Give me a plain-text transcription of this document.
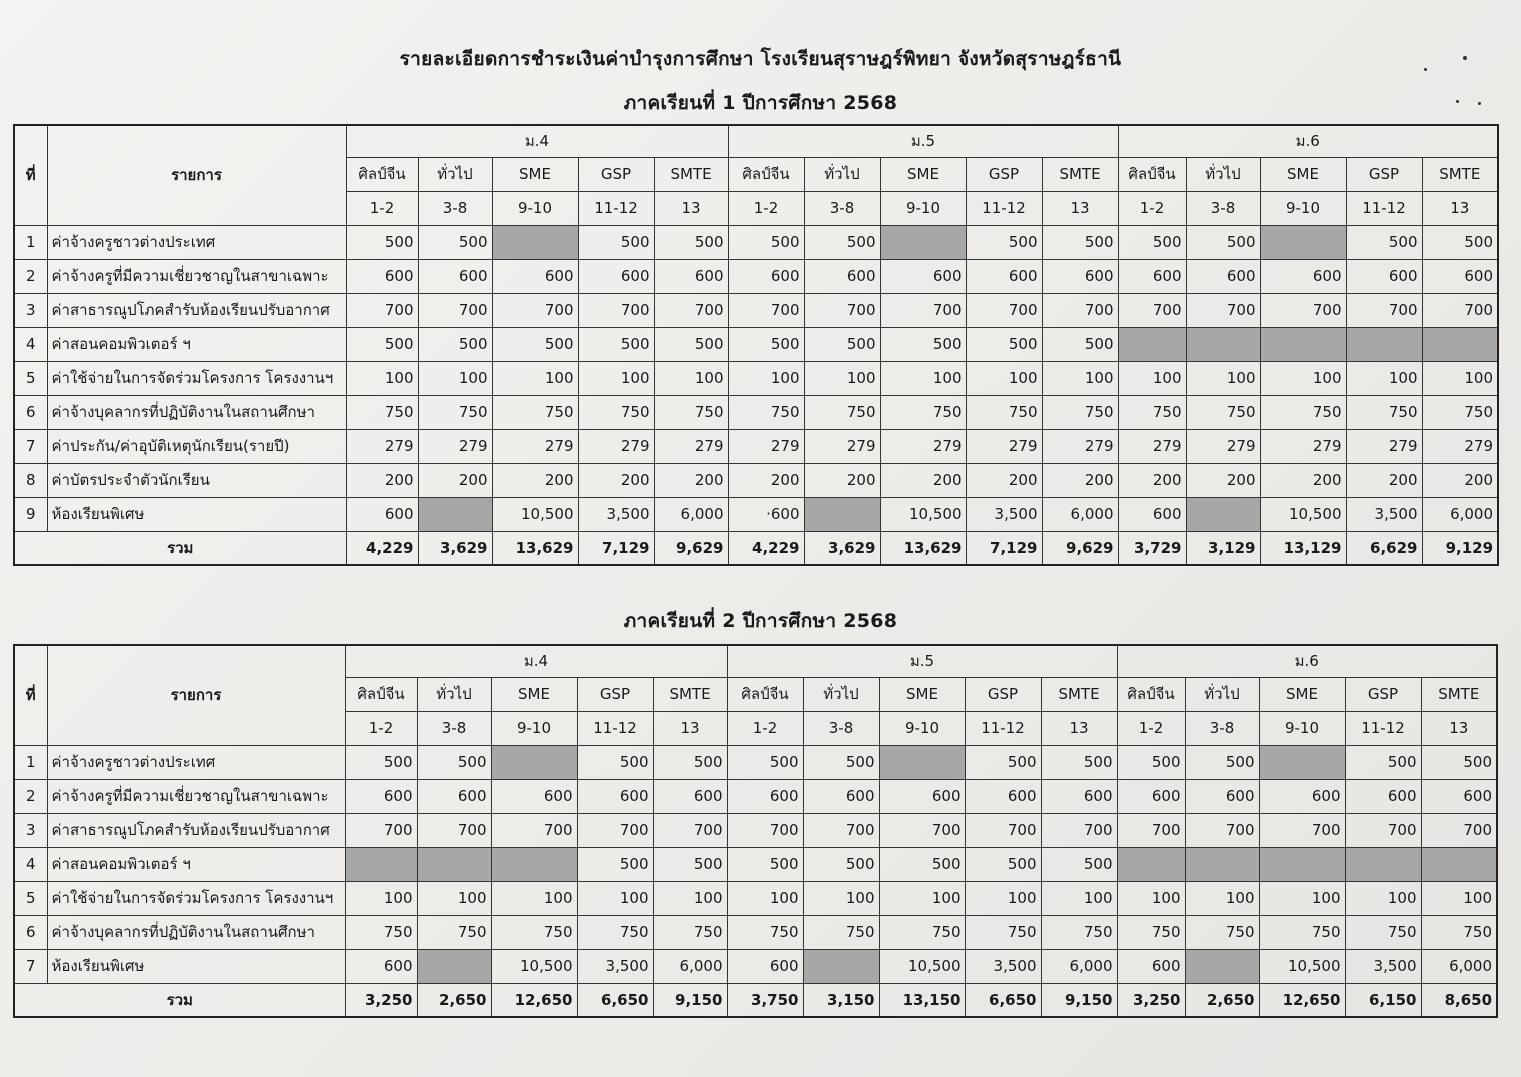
รายละเอียดการชำระเงินค่าบำรุงการศึกษา โรงเรียนสุราษฎร์พิทยา จังหวัดสุราษฎร์ธานี
ภาคเรียนที่ 1 ปีการศึกษา 2568
ที่	รายการ	ม.4					ม.5					ม.6				
		ศิลป์จีน	ทั่วไป	SME	GSP	SMTE	ศิลป์จีน	ทั่วไป	SME	GSP	SMTE	ศิลป์จีน	ทั่วไป	SME	GSP	SMTE
		1-2	3-8	9-10	11-12	13	1-2	3-8	9-10	11-12	13	1-2	3-8	9-10	11-12	13
1	ค่าจ้างครูชาวต่างประเทศ	500	500		500	500	500	500		500	500	500	500		500	500
2	ค่าจ้างครูที่มีความเชี่ยวชาญในสาขาเฉพาะ	600	600	600	600	600	600	600	600	600	600	600	600	600	600	600
3	ค่าสาธารณูปโภคสำรับห้องเรียนปรับอากาศ	700	700	700	700	700	700	700	700	700	700	700	700	700	700	700
4	ค่าสอนคอมพิวเตอร์ ฯ	500	500	500	500	500	500	500	500	500	500					
5	ค่าใช้จ่ายในการจัดร่วมโครงการ โครงงานฯ	100	100	100	100	100	100	100	100	100	100	100	100	100	100	100
6	ค่าจ้างบุคลากรที่ปฏิบัติงานในสถานศึกษา	750	750	750	750	750	750	750	750	750	750	750	750	750	750	750
7	ค่าประกัน/ค่าอุบัติเหตุนักเรียน(รายปี)	279	279	279	279	279	279	279	279	279	279	279	279	279	279	279
8	ค่าบัตรประจำตัวนักเรียน	200	200	200	200	200	200	200	200	200	200	200	200	200	200	200
9	ห้องเรียนพิเศษ	600		10,500	3,500	6,000	·600		10,500	3,500	6,000	600		10,500	3,500	6,000
รวม		4,229	3,629	13,629	7,129	9,629	4,229	3,629	13,629	7,129	9,629	3,729	3,129	13,129	6,629	9,129
ภาคเรียนที่ 2 ปีการศึกษา 2568
ที่	รายการ	ม.4					ม.5					ม.6				
		ศิลป์จีน	ทั่วไป	SME	GSP	SMTE	ศิลป์จีน	ทั่วไป	SME	GSP	SMTE	ศิลป์จีน	ทั่วไป	SME	GSP	SMTE
		1-2	3-8	9-10	11-12	13	1-2	3-8	9-10	11-12	13	1-2	3-8	9-10	11-12	13
1	ค่าจ้างครูชาวต่างประเทศ	500	500		500	500	500	500		500	500	500	500		500	500
2	ค่าจ้างครูที่มีความเชี่ยวชาญในสาขาเฉพาะ	600	600	600	600	600	600	600	600	600	600	600	600	600	600	600
3	ค่าสาธารณูปโภคสำรับห้องเรียนปรับอากาศ	700	700	700	700	700	700	700	700	700	700	700	700	700	700	700
4	ค่าสอนคอมพิวเตอร์ ฯ				500	500	500	500	500	500	500					
5	ค่าใช้จ่ายในการจัดร่วมโครงการ โครงงานฯ	100	100	100	100	100	100	100	100	100	100	100	100	100	100	100
6	ค่าจ้างบุคลากรที่ปฏิบัติงานในสถานศึกษา	750	750	750	750	750	750	750	750	750	750	750	750	750	750	750
7	ห้องเรียนพิเศษ	600		10,500	3,500	6,000	600		10,500	3,500	6,000	600		10,500	3,500	6,000
รวม		3,250	2,650	12,650	6,650	9,150	3,750	3,150	13,150	6,650	9,150	3,250	2,650	12,650	6,150	8,650
